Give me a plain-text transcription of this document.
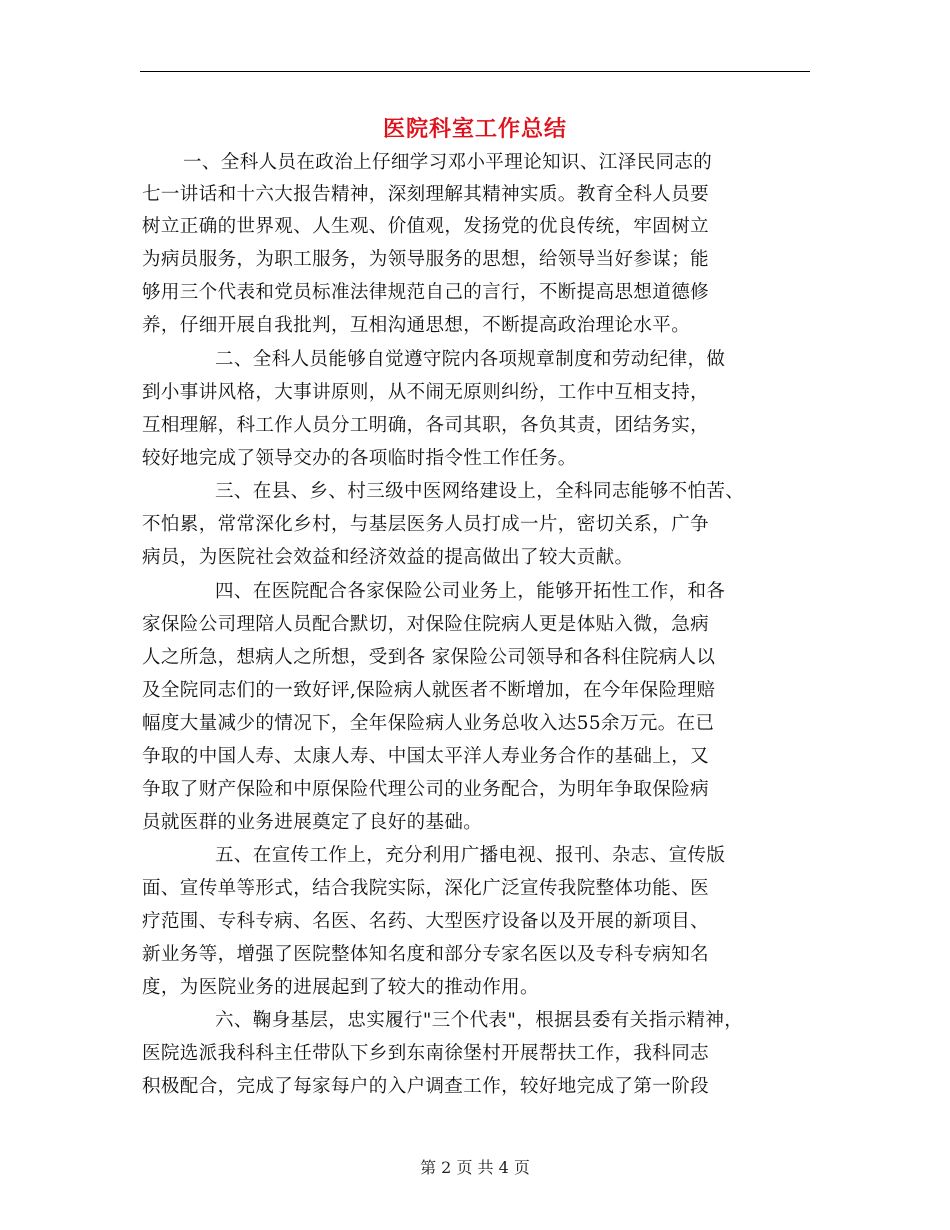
医院科室工作总结
一、全科人员在政治上仔细学习邓小平理论知识、江泽民同志的
七一讲话和十六大报告精神，深刻理解其精神实质。教育全科人员要
树立正确的世界观、人生观、价值观，发扬党的优良传统，牢固树立
为病员服务，为职工服务，为领导服务的思想，给领导当好参谋；能
够用三个代表和党员标准法律规范自己的言行，不断提高思想道德修
养，仔细开展自我批判，互相沟通思想，不断提高政治理论水平。
二、全科人员能够自觉遵守院内各项规章制度和劳动纪律，做
到小事讲风格，大事讲原则，从不闹无原则纠纷，工作中互相支持，
互相理解，科工作人员分工明确，各司其职，各负其责，团结务实，
较好地完成了领导交办的各项临时指令性工作任务。
三、在县、乡、村三级中医网络建设上，全科同志能够不怕苦、
不怕累，常常深化乡村，与基层医务人员打成一片，密切关系，广争
病员，为医院社会效益和经济效益的提高做出了较大贡献。
四、在医院配合各家保险公司业务上，能够开拓性工作，和各
家保险公司理陪人员配合默切，对保险住院病人更是体贴入微，急病
人之所急，想病人之所想，受到各 家保险公司领导和各科住院病人以
及全院同志们的一致好评,保险病人就医者不断增加，在今年保险理赔
幅度大量减少的情况下，全年保险病人业务总收入达55余万元。在已
争取的中国人寿、太康人寿、中国太平洋人寿业务合作的基础上，又
争取了财产保险和中原保险代理公司的业务配合，为明年争取保险病
员就医群的业务进展奠定了良好的基础。
五、在宣传工作上，充分利用广播电视、报刊、杂志、宣传版
面、宣传单等形式，结合我院实际，深化广泛宣传我院整体功能、医
疗范围、专科专病、名医、名药、大型医疗设备以及开展的新项目、
新业务等，增强了医院整体知名度和部分专家名医以及专科专病知名
度，为医院业务的进展起到了较大的推动作用。
六、鞠身基层，忠实履行"三个代表"，根据县委有关指示精神，
医院选派我科科主任带队下乡到东南徐堡村开展帮扶工作，我科同志
积极配合，完成了每家每户的入户调查工作，较好地完成了第一阶段
第 2 页 共 4 页
